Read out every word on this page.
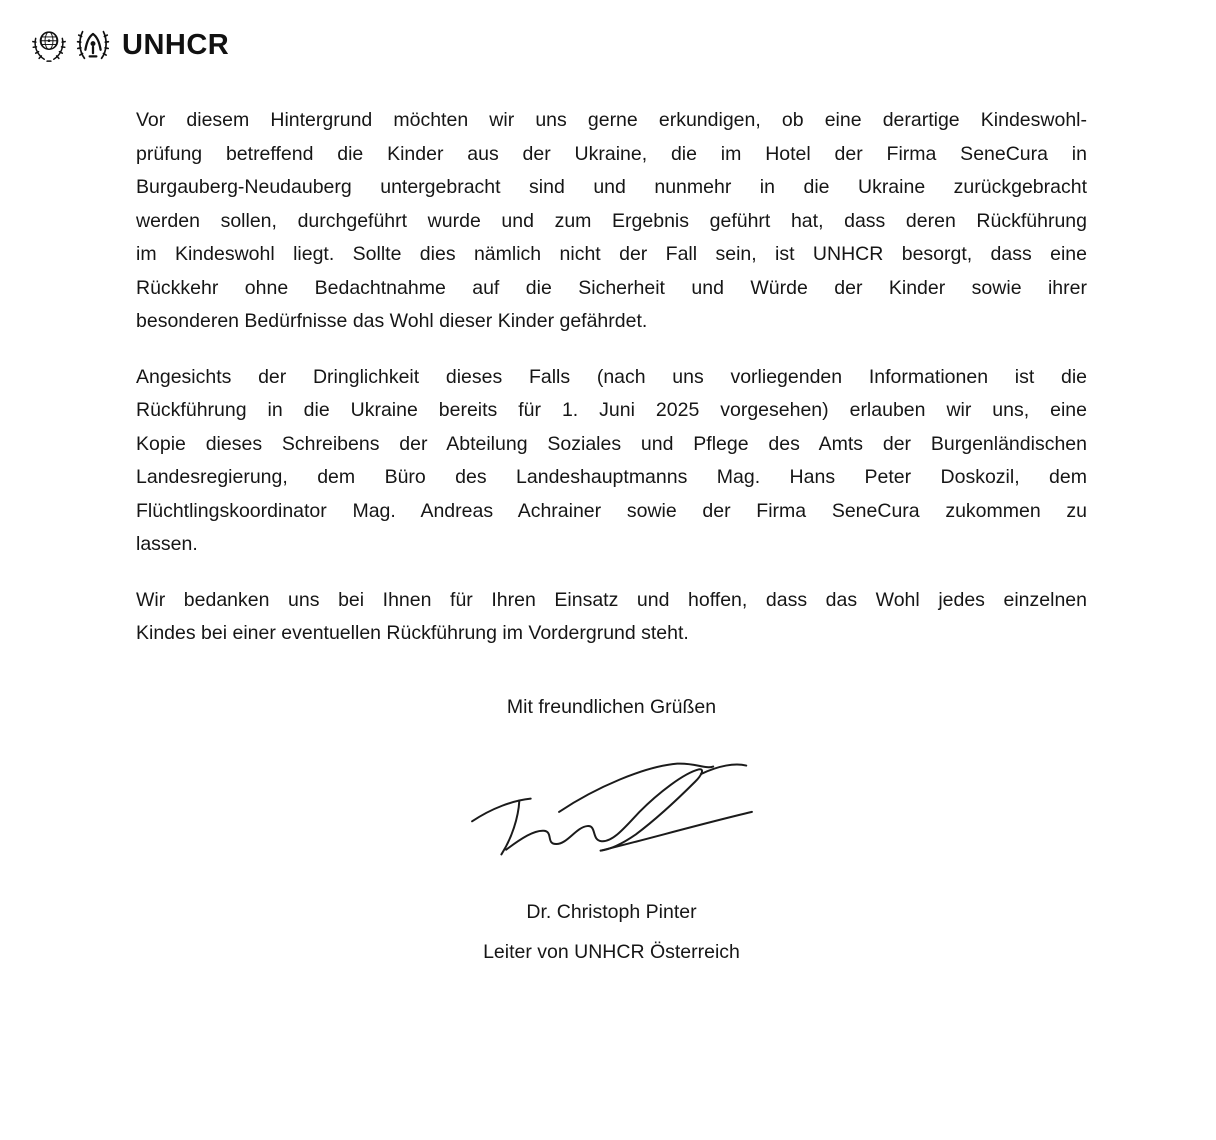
UNHCR
Vor diesem Hintergrund möchten wir uns gerne erkundigen, ob eine derartige Kindeswohl-
prüfung betreffend die Kinder aus der Ukraine, die im Hotel der Firma SeneCura in
Burgauberg-Neudauberg untergebracht sind und nunmehr in die Ukraine zurückgebracht
werden sollen, durchgeführt wurde und zum Ergebnis geführt hat, dass deren Rückführung
im Kindeswohl liegt. Sollte dies nämlich nicht der Fall sein, ist UNHCR besorgt, dass eine
Rückkehr ohne Bedachtnahme auf die Sicherheit und Würde der Kinder sowie ihrer
besonderen Bedürfnisse das Wohl dieser Kinder gefährdet.
Angesichts der Dringlichkeit dieses Falls (nach uns vorliegenden Informationen ist die
Rückführung in die Ukraine bereits für 1. Juni 2025 vorgesehen) erlauben wir uns, eine
Kopie dieses Schreibens der Abteilung Soziales und Pflege des Amts der Burgenländischen
Landesregierung, dem Büro des Landeshauptmanns Mag. Hans Peter Doskozil, dem
Flüchtlingskoordinator Mag. Andreas Achrainer sowie der Firma SeneCura zukommen zu
lassen.
Wir bedanken uns bei Ihnen für Ihren Einsatz und hoffen, dass das Wohl jedes einzelnen
Kindes bei einer eventuellen Rückführung im Vordergrund steht.
Mit freundlichen Grüßen
Dr. Christoph Pinter
Leiter von UNHCR Österreich
